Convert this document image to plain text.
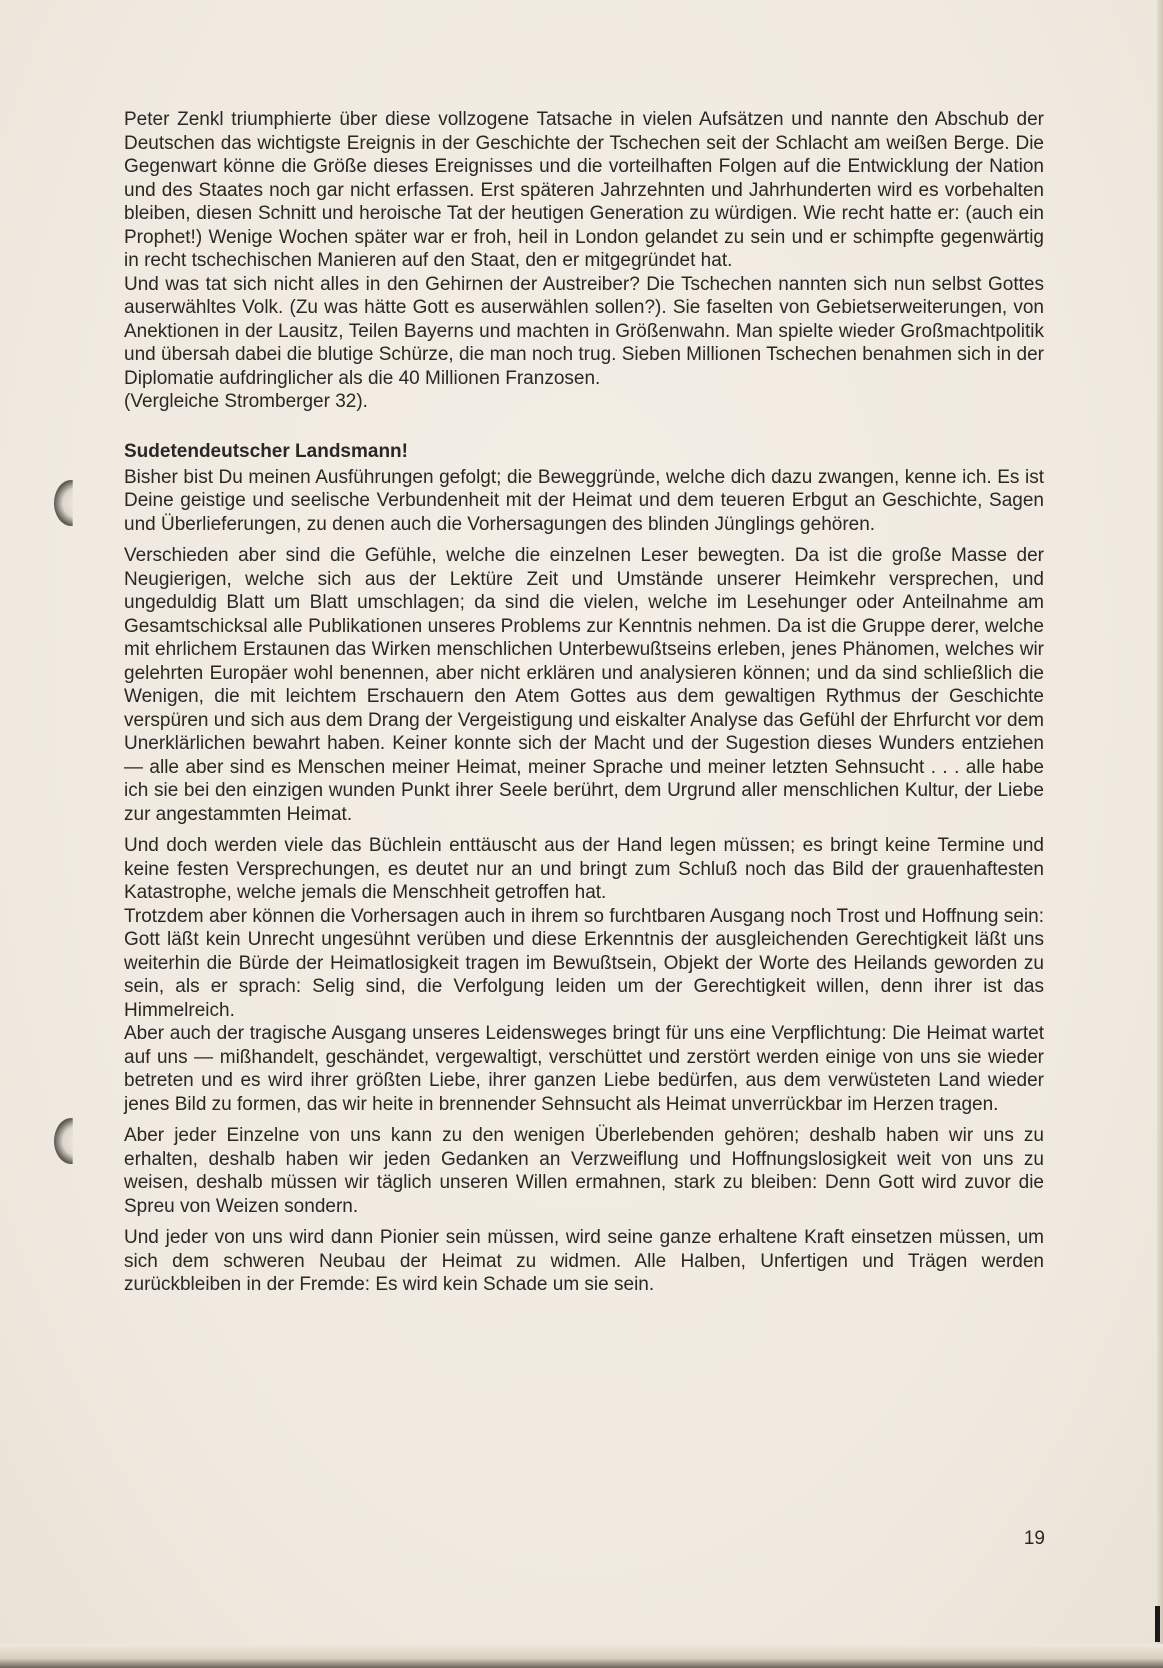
Peter Zenkl triumphierte über diese vollzogene Tatsache in vielen Aufsätzen und nannte den Abschub der Deutschen das wichtigste Ereignis in der Geschichte der Tschechen seit der Schlacht am weißen Berge. Die Gegenwart könne die Größe dieses Ereignisses und die vorteilhaften Folgen auf die Entwicklung der Nation und des Staates noch gar nicht erfassen. Erst späteren Jahrzehnten und Jahrhunderten wird es vorbehalten bleiben, diesen Schnitt und heroische Tat der heutigen Generation zu würdigen. Wie recht hatte er: (auch ein Prophet!) Wenige Wochen später war er froh, heil in London gelandet zu sein und er schimpfte gegenwärtig in recht tschechischen Manieren auf den Staat, den er mitgegründet hat.

Und was tat sich nicht alles in den Gehirnen der Austreiber? Die Tschechen nannten sich nun selbst Gottes auserwähltes Volk. (Zu was hätte Gott es auserwählen sollen?). Sie faselten von Gebietserweiterungen, von Anektionen in der Lausitz, Teilen Bayerns und machten in Größenwahn. Man spielte wieder Großmachtpolitik und übersah dabei die blutige Schürze, die man noch trug. Sieben Millionen Tschechen benahmen sich in der Diplomatie aufdringlicher als die 40 Millionen Franzosen.

(Vergleiche Stromberger 32).

Sudetendeutscher Landsmann!

Bisher bist Du meinen Ausführungen gefolgt; die Beweggründe, welche dich dazu zwangen, kenne ich. Es ist Deine geistige und seelische Verbundenheit mit der Heimat und dem teueren Erbgut an Geschichte, Sagen und Überlieferungen, zu denen auch die Vorhersagungen des blinden Jünglings gehören.

Verschieden aber sind die Gefühle, welche die einzelnen Leser bewegten. Da ist die große Masse der Neugierigen, welche sich aus der Lektüre Zeit und Umstände unserer Heimkehr versprechen, und ungeduldig Blatt um Blatt umschlagen; da sind die vielen, welche im Lesehunger oder Anteilnahme am Gesamtschicksal alle Publikationen unseres Problems zur Kenntnis nehmen. Da ist die Gruppe derer, welche mit ehrlichem Erstaunen das Wirken menschlichen Unterbewußtseins erleben, jenes Phänomen, welches wir gelehrten Europäer wohl benennen, aber nicht erklären und analysieren können; und da sind schließlich die Wenigen, die mit leichtem Erschauern den Atem Gottes aus dem gewaltigen Rythmus der Geschichte verspüren und sich aus dem Drang der Vergeistigung und eiskalter Analyse das Gefühl der Ehrfurcht vor dem Unerklärlichen bewahrt haben. Keiner konnte sich der Macht und der Sugestion dieses Wunders entziehen — alle aber sind es Menschen meiner Heimat, meiner Sprache und meiner letzten Sehnsucht . . . alle habe ich sie bei den einzigen wunden Punkt ihrer Seele berührt, dem Urgrund aller menschlichen Kultur, der Liebe zur angestammten Heimat.

Und doch werden viele das Büchlein enttäuscht aus der Hand legen müssen; es bringt keine Termine und keine festen Versprechungen, es deutet nur an und bringt zum Schluß noch das Bild der grauenhaftesten Katastrophe, welche jemals die Menschheit getroffen hat.

Trotzdem aber können die Vorhersagen auch in ihrem so furchtbaren Ausgang noch Trost und Hoffnung sein: Gott läßt kein Unrecht ungesühnt verüben und diese Erkenntnis der ausgleichenden Gerechtigkeit läßt uns weiterhin die Bürde der Heimatlosigkeit tragen im Bewußtsein, Objekt der Worte des Heilands geworden zu sein, als er sprach: Selig sind, die Verfolgung leiden um der Gerechtigkeit willen, denn ihrer ist das Himmelreich.

Aber auch der tragische Ausgang unseres Leidensweges bringt für uns eine Verpflichtung: Die Heimat wartet auf uns — mißhandelt, geschändet, vergewaltigt, verschüttet und zerstört werden einige von uns sie wieder betreten und es wird ihrer größten Liebe, ihrer ganzen Liebe bedürfen, aus dem verwüsteten Land wieder jenes Bild zu formen, das wir heite in brennender Sehnsucht als Heimat unverrückbar im Herzen tragen.

Aber jeder Einzelne von uns kann zu den wenigen Überlebenden gehören; deshalb haben wir uns zu erhalten, deshalb haben wir jeden Gedanken an Verzweiflung und Hoffnungslosigkeit weit von uns zu weisen, deshalb müssen wir täglich unseren Willen ermahnen, stark zu bleiben: Denn Gott wird zuvor die Spreu von Weizen sondern.

Und jeder von uns wird dann Pionier sein müssen, wird seine ganze erhaltene Kraft einsetzen müssen, um sich dem schweren Neubau der Heimat zu widmen. Alle Halben, Unfertigen und Trägen werden zurückbleiben in der Fremde: Es wird kein Schade um sie sein.

19
